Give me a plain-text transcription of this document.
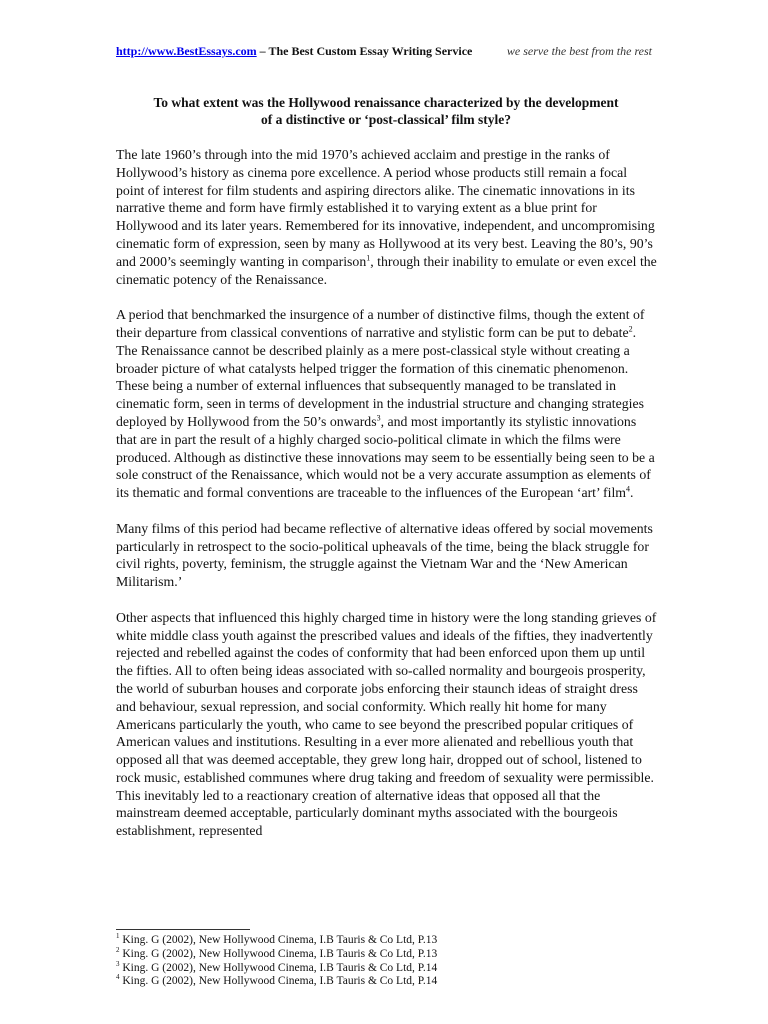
http://www.BestEssays.com – The Best Custom Essay Writing Service	we serve the best from the rest
To what extent was the Hollywood renaissance characterized by the development
of a distinctive or ‘post-classical’ film style?

The late 1960’s through into the mid 1970’s achieved acclaim and prestige in the ranks of Hollywood’s history as cinema pore excellence. A period whose products still remain a focal point of interest for film students and aspiring directors alike. The cinematic innovations in its narrative theme and form have firmly established it to varying extent as a blue print for Hollywood and its later years. Remembered for its innovative, independent, and uncompromising cinematic form of expression, seen by many as Hollywood at its very best. Leaving the 80’s, 90’s and 2000’s seemingly wanting in comparison$^1$, through their inability to emulate or even excel the cinematic potency of the Renaissance.

A period that benchmarked the insurgence of a number of distinctive films, though the extent of their departure from classical conventions of narrative and stylistic form can be put to debate$^2$. The Renaissance cannot be described plainly as a mere post-classical style without creating a broader picture of what catalysts helped trigger the formation of this cinematic phenomenon. These being a number of external influences that subsequently managed to be translated in cinematic form, seen in terms of development in the industrial structure and changing strategies deployed by Hollywood from the 50’s onwards$^3$, and most importantly its stylistic innovations that are in part the result of a highly charged socio-political climate in which the films were produced. Although as distinctive these innovations may seem to be essentially being seen to be a sole construct of the Renaissance, which would not be a very accurate assumption as elements of its thematic and formal conventions are traceable to the influences of the European ‘art’ film$^4$.

Many films of this period had became reflective of alternative ideas offered by social movements particularly in retrospect to the socio-political upheavals of the time, being the black struggle for civil rights, poverty, feminism, the struggle against the Vietnam War and the ‘New American Militarism.’

Other aspects that influenced this highly charged time in history were the long standing grieves of white middle class youth against the prescribed values and ideals of the fifties, they inadvertently rejected and rebelled against the codes of conformity that had been enforced upon them up until the fifties. All to often being ideas associated with so-called normality and bourgeois prosperity, the world of suburban houses and corporate jobs enforcing their staunch ideas of straight dress and behaviour, sexual repression, and social conformity. Which really hit home for many Americans particularly the youth, who came to see beyond the prescribed popular critiques of American values and institutions. Resulting in a ever more alienated and rebellious youth that opposed all that was deemed acceptable, they grew long hair, dropped out of school, listened to rock music, established communes where drug taking and freedom of sexuality were permissible. This inevitably led to a reactionary creation of alternative ideas that opposed all that the mainstream deemed acceptable, particularly dominant myths associated with the bourgeois establishment, represented

$^1$ King. G (2002), New Hollywood Cinema, I.B Tauris & Co Ltd, P.13
$^2$ King. G (2002), New Hollywood Cinema, I.B Tauris & Co Ltd, P.13
$^3$ King. G (2002), New Hollywood Cinema, I.B Tauris & Co Ltd, P.14
$^4$ King. G (2002), New Hollywood Cinema, I.B Tauris & Co Ltd, P.14
